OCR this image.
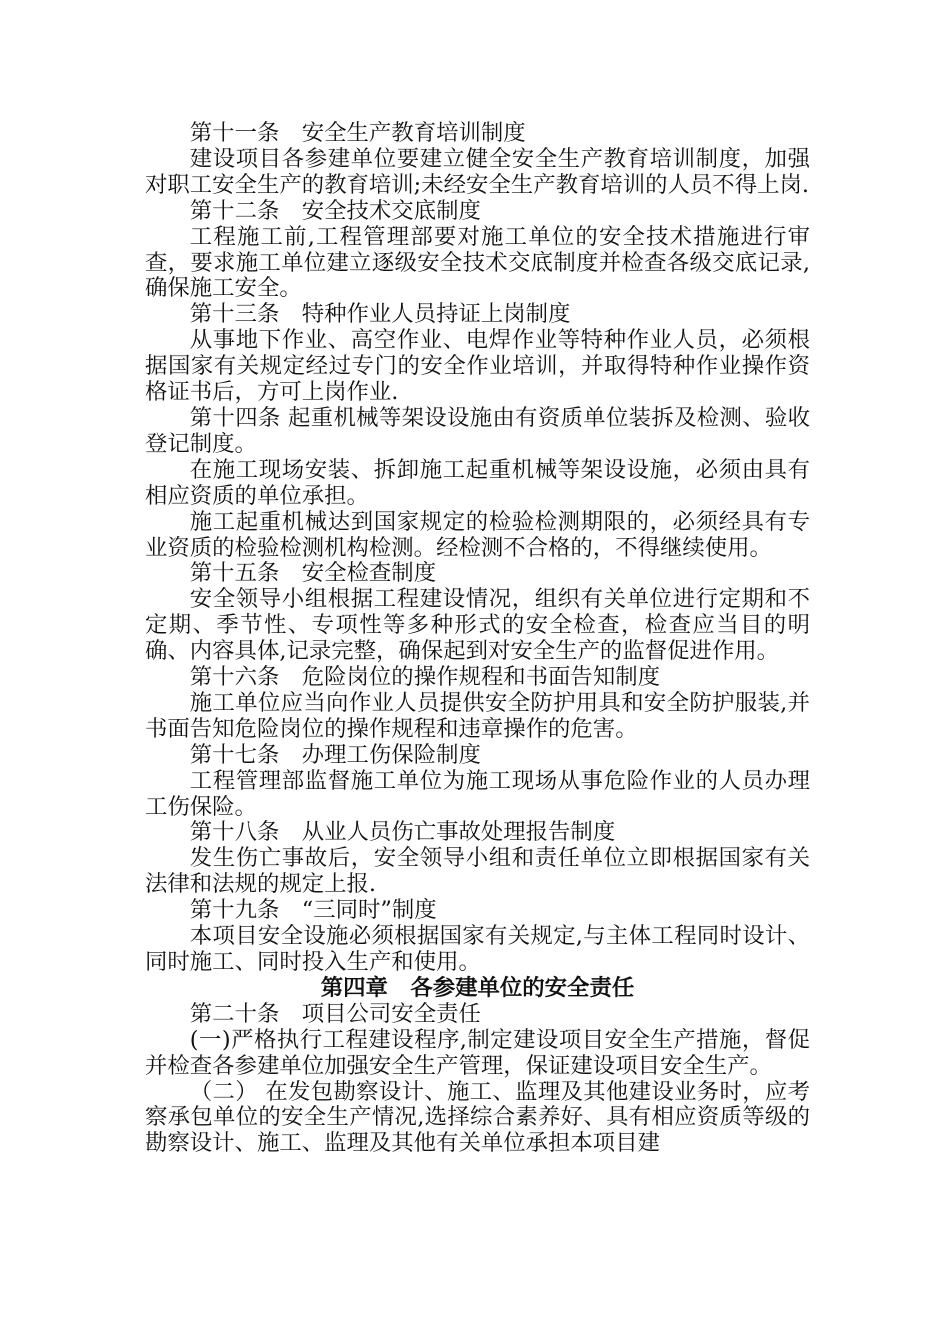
第十一条　安全生产教育培训制度

建设项目各参建单位要建立健全安全生产教育培训制度，加强对职工安全生产的教育培训;未经安全生产教育培训的人员不得上岗.

第十二条　安全技术交底制度

工程施工前,工程管理部要对施工单位的安全技术措施进行审查，要求施工单位建立逐级安全技术交底制度并检查各级交底记录,确保施工安全。

第十三条　特种作业人员持证上岗制度

从事地下作业、高空作业、电焊作业等特种作业人员，必须根据国家有关规定经过专门的安全作业培训，并取得特种作业操作资格证书后，方可上岗作业.

第十四条 起重机械等架设设施由有资质单位装拆及检测、验收登记制度。

在施工现场安装、拆卸施工起重机械等架设设施，必须由具有相应资质的单位承担。

施工起重机械达到国家规定的检验检测期限的，必须经具有专业资质的检验检测机构检测。经检测不合格的，不得继续使用。

第十五条　安全检查制度

安全领导小组根据工程建设情况，组织有关单位进行定期和不定期、季节性、专项性等多种形式的安全检查，检查应当目的明确、内容具体,记录完整，确保起到对安全生产的监督促进作用。

第十六条　危险岗位的操作规程和书面告知制度

施工单位应当向作业人员提供安全防护用具和安全防护服装,并书面告知危险岗位的操作规程和违章操作的危害。

第十七条　办理工伤保险制度

工程管理部监督施工单位为施工现场从事危险作业的人员办理工伤保险。

第十八条　从业人员伤亡事故处理报告制度

发生伤亡事故后，安全领导小组和责任单位立即根据国家有关法律和法规的规定上报.

第十九条　“三同时”制度

本项目安全设施必须根据国家有关规定,与主体工程同时设计、同时施工、同时投入生产和使用。

第四章　各参建单位的安全责任

第二十条　项目公司安全责任

(一)严格执行工程建设程序,制定建设项目安全生产措施，督促并检查各参建单位加强安全生产管理，保证建设项目安全生产。

（二） 在发包勘察设计、施工、监理及其他建设业务时，应考察承包单位的安全生产情况,选择综合素养好、具有相应资质等级的勘察设计、施工、监理及其他有关单位承担本项目建
